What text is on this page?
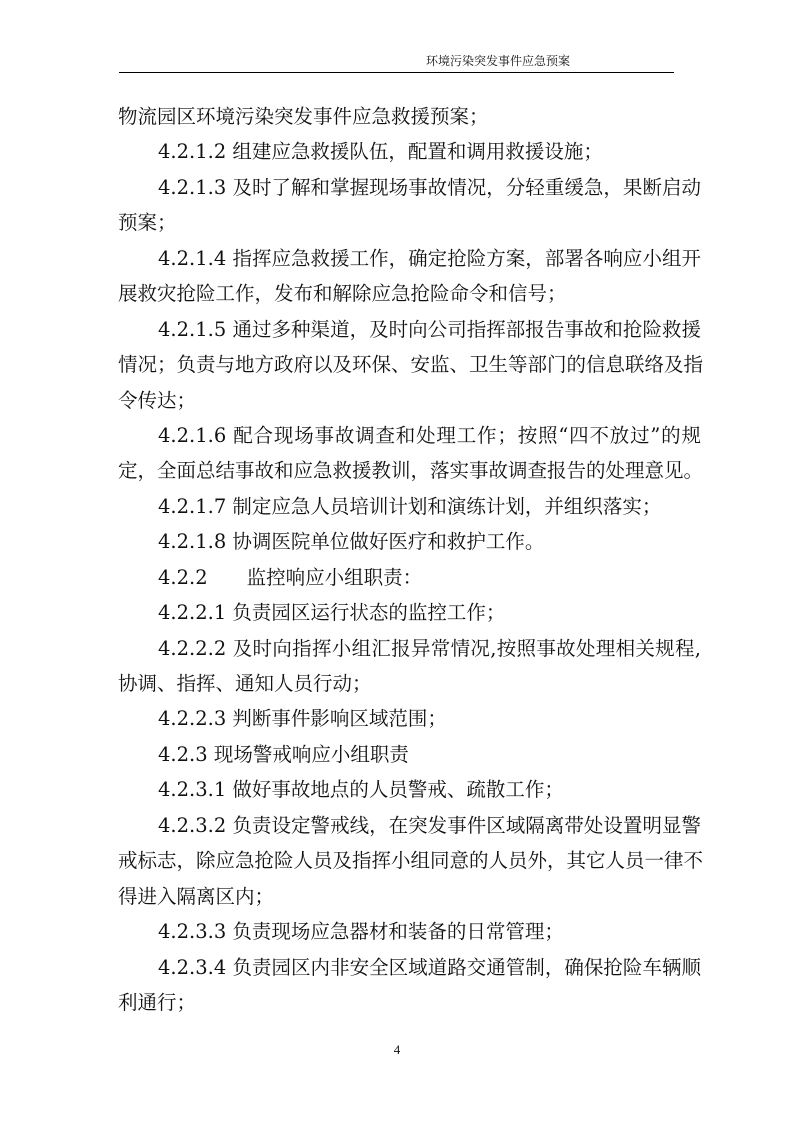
环境污染突发事件应急预案
物流园区环境污染突发事件应急救援预案；
4.2.1.2 组建应急救援队伍，配置和调用救援设施；
4.2.1.3 及时了解和掌握现场事故情况，分轻重缓急，果断启动
预案；
4.2.1.4 指挥应急救援工作，确定抢险方案，部署各响应小组开
展救灾抢险工作，发布和解除应急抢险命令和信号；
4.2.1.5 通过多种渠道，及时向公司指挥部报告事故和抢险救援
情况；负责与地方政府以及环保、安监、卫生等部门的信息联络及指
令传达；
4.2.1.6 配合现场事故调查和处理工作；按照“四不放过”的规
定，全面总结事故和应急救援教训，落实事故调查报告的处理意见。
4.2.1.7 制定应急人员培训计划和演练计划，并组织落实；
4.2.1.8 协调医院单位做好医疗和救护工作。
4.2.2　　监控响应小组职责：
4.2.2.1 负责园区运行状态的监控工作；
4.2.2.2 及时向指挥小组汇报异常情况,按照事故处理相关规程,
协调、指挥、通知人员行动；
4.2.2.3 判断事件影响区域范围；
4.2.3 现场警戒响应小组职责
4.2.3.1 做好事故地点的人员警戒、疏散工作；
4.2.3.2 负责设定警戒线，在突发事件区域隔离带处设置明显警
戒标志，除应急抢险人员及指挥小组同意的人员外，其它人员一律不
得进入隔离区内；
4.2.3.3 负责现场应急器材和装备的日常管理；
4.2.3.4 负责园区内非安全区域道路交通管制，确保抢险车辆顺
利通行；
4
